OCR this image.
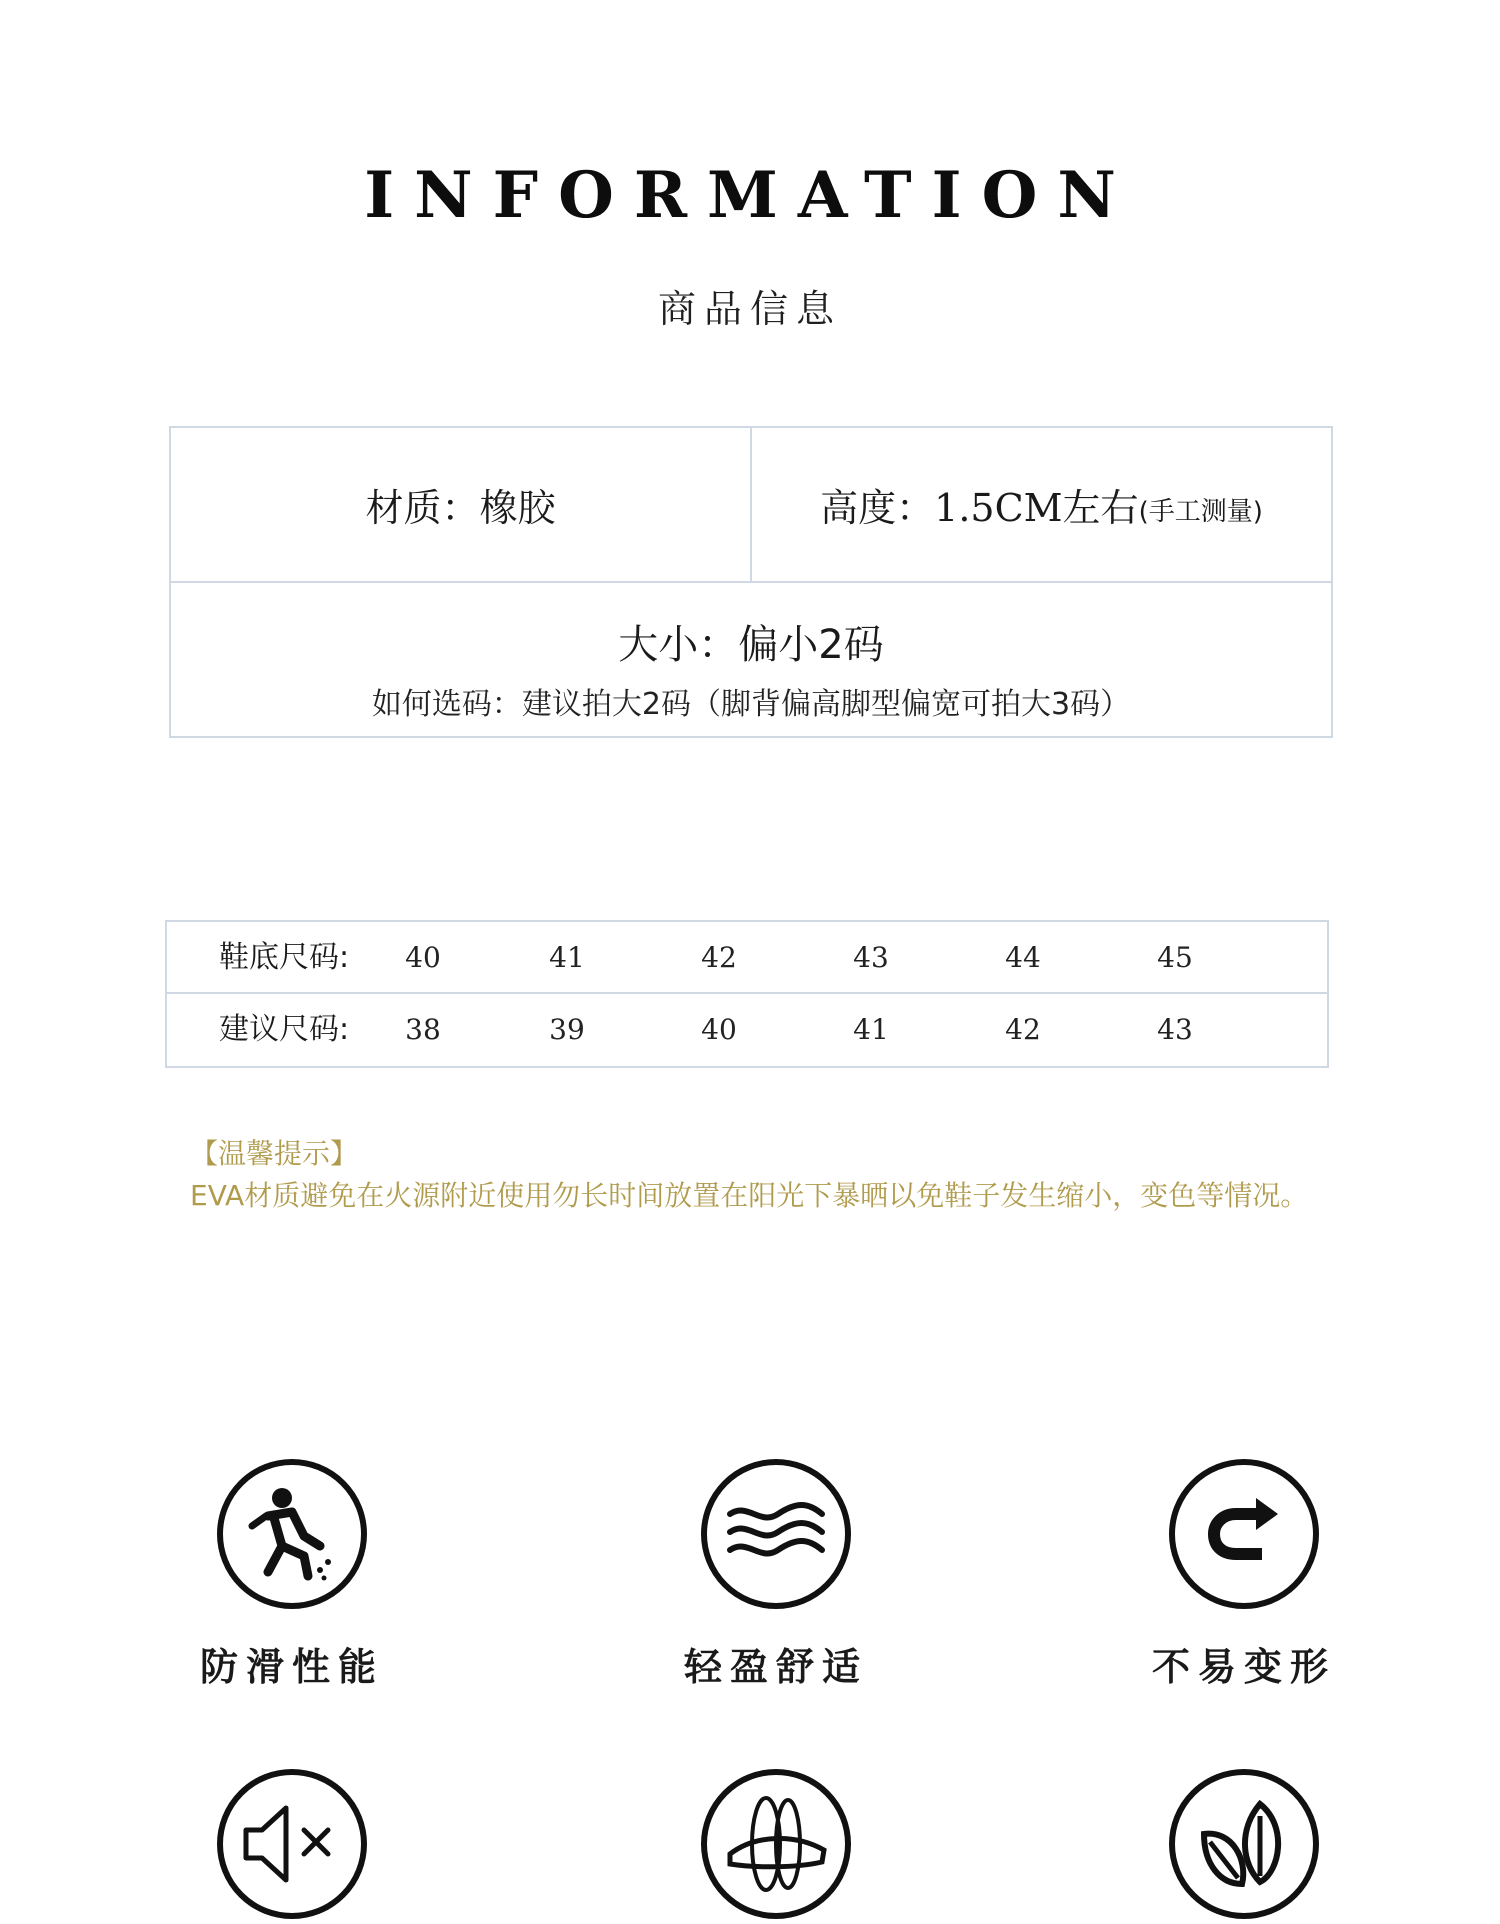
INFORMATION
商品信息
材质：橡胶	高度： 1.5CM左右 (手工测量)
大小：偏小2码
如何选码：建议拍大2码（脚背偏高脚型偏宽可拍大3码）
鞋底尺码:	40	41	42	43	44	45
建议尺码:	38	39	40	41	42	43
【温馨提示】
EVA材质避免在火源附近使用勿长时间放置在阳光下暴晒以免鞋子发生缩小，变色等情况。
防滑性能	轻盈舒适	不易变形
